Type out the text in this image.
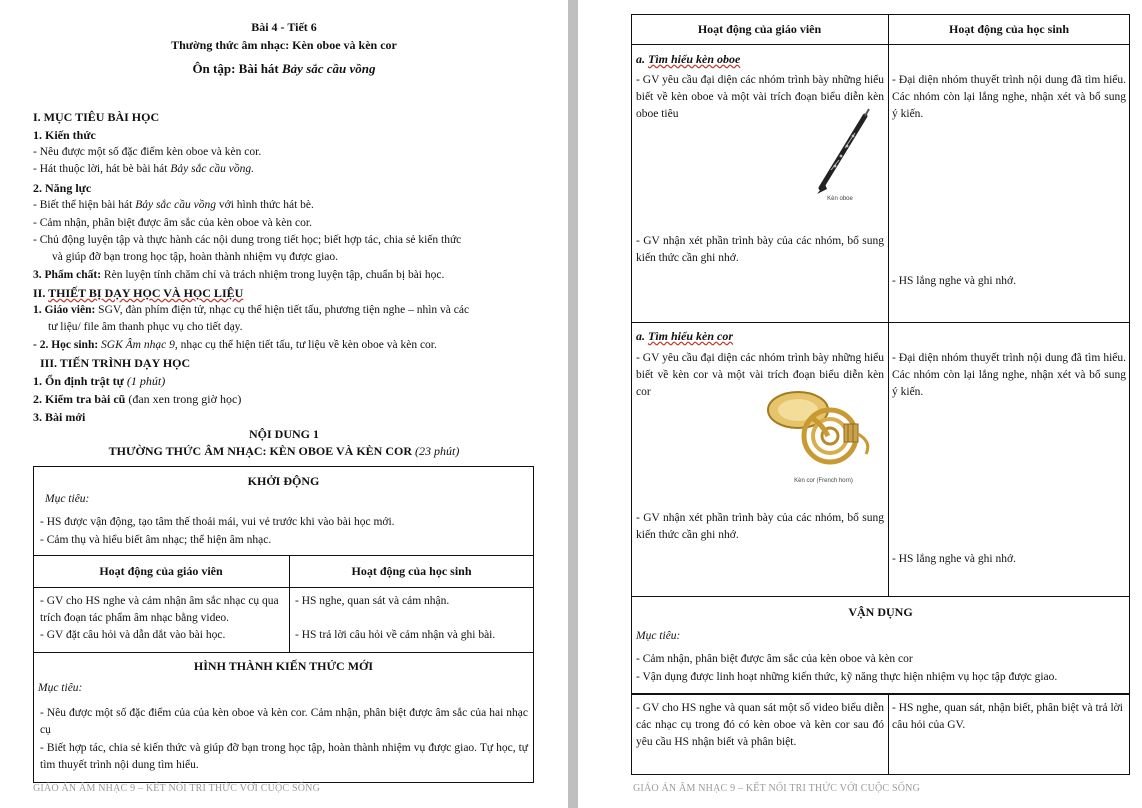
Bài 4 - Tiết 6
Thường thức âm nhạc: Kèn oboe và kèn cor
Ôn tập: Bài hát Bảy sắc cầu vồng
I. MỤC TIÊU BÀI HỌC
1. Kiến thức
- Nêu được một số đặc điểm kèn oboe và kèn cor.
- Hát thuộc lời, hát bè bài hát Bảy sắc cầu vồng.
2. Năng lực
- Biết thể hiện bài hát Bảy sắc cầu vồng với hình thức hát bè.
- Cảm nhận, phân biệt được âm sắc của kèn oboe và kèn cor.
- Chủ động luyện tập và thực hành các nội dung trong tiết học; biết hợp tác, chia sẻ kiến thức
và giúp đỡ bạn trong học tập, hoàn thành nhiệm vụ được giao.
3. Phẩm chất: Rèn luyện tính chăm chỉ và trách nhiệm trong luyện tập, chuẩn bị bài học.
II. THIẾT BỊ DẠY HỌC VÀ HỌC LIỆU
1. Giáo viên: SGV, đàn phím điện tử, nhạc cụ thể hiện tiết tấu, phương tiện nghe – nhìn và các
tư liệu/ file âm thanh phục vụ cho tiết dạy.
- 2. Học sinh: SGK Âm nhạc 9, nhạc cụ thể hiện tiết tấu, tư liệu về kèn oboe và kèn cor.
III. TIẾN TRÌNH DẠY HỌC
1. Ổn định trật tự (1 phút)
2. Kiểm tra bài cũ (đan xen trong giờ học)
3. Bài mới
NỘI DUNG 1
THƯỜNG THỨC ÂM NHẠC: KÈN OBOE VÀ KÈN COR (23 phút)
KHỞI ĐỘNG
Mục tiêu:
- HS được vận động, tạo tâm thế thoải mái, vui vẻ trước khi vào bài học mới.
- Cảm thụ và hiểu biết âm nhạc; thể hiện âm nhạc.
Hoạt động của giáo viên	Hoạt động của học sinh
- GV cho HS nghe và cảm nhận âm sắc nhạc cụ qua trích đoạn tác phẩm âm nhạc bằng video.
- GV đặt câu hỏi và dẫn dắt vào bài học.
- HS nghe, quan sát và cảm nhận.
- HS trả lời câu hỏi về cảm nhận và ghi bài.
HÌNH THÀNH KIẾN THỨC MỚI
Mục tiêu:
- Nêu được một số đặc điểm của của kèn oboe và kèn cor. Cảm nhận, phân biệt được âm sắc của hai nhạc cụ
- Biết hợp tác, chia sẻ kiến thức và giúp đỡ bạn trong học tập, hoàn thành nhiệm vụ được giao. Tự học, tự tìm thuyết trình nội dung tìm hiểu.
GIÁO ÁN ÂM NHẠC 9 – KẾT NỐI TRI THỨC VỚI CUỘC SỐNG
Hoạt động của giáo viên	Hoạt động của học sinh
a. Tìm hiểu kèn oboe
- GV yêu cầu đại diện các nhóm trình bày những hiểu biết về kèn oboe và một vài trích đoạn biểu diễn kèn oboe tiêu
- Đại diện nhóm thuyết trình nội dung đã tìm hiểu. Các nhóm còn lại lắng nghe, nhận xét và bổ sung ý kiến.
Kèn oboe
- GV nhận xét phần trình bày của các nhóm, bổ sung kiến thức cần ghi nhớ.
- HS lắng nghe và ghi nhớ.
a. Tìm hiểu kèn cor
- GV yêu cầu đại diện các nhóm trình bày những hiểu biết về kèn cor và một vài trích đoạn biểu diễn kèn cor
- Đại diện nhóm thuyết trình nội dung đã tìm hiểu. Các nhóm còn lại lắng nghe, nhận xét và bổ sung ý kiến.
Kèn cor (French horn)
- GV nhận xét phần trình bày của các nhóm, bổ sung kiến thức cần ghi nhớ.
- HS lắng nghe và ghi nhớ.
VẬN DỤNG
Mục tiêu:
- Cảm nhận, phân biệt được âm sắc của kèn oboe và kèn cor
- Vận dụng được linh hoạt những kiến thức, kỹ năng thực hiện nhiệm vụ học tập được giao.
- GV cho HS nghe và quan sát một số video biểu diễn các nhạc cụ trong đó có kèn oboe và kèn cor sau đó yêu cầu HS nhận biết và phân biệt.
- HS nghe, quan sát, nhận biết, phân biệt và trả lời câu hỏi của GV.
GIÁO ÁN ÂM NHẠC 9 – KẾT NỐI TRI THỨC VỚI CUỘC SỐNG
